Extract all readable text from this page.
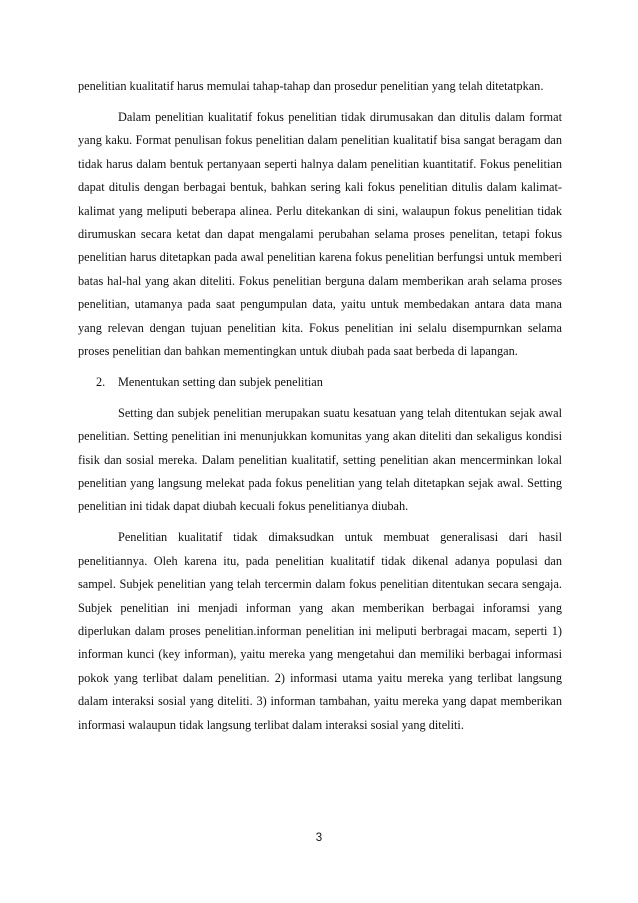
penelitian kualitatif harus memulai tahap-tahap dan prosedur penelitian yang telah ditetatpkan.

Dalam penelitian kualitatif fokus penelitian tidak dirumusakan dan ditulis dalam format yang kaku. Format penulisan fokus penelitian dalam penelitian kualitatif bisa sangat beragam dan tidak harus dalam bentuk pertanyaan seperti halnya dalam penelitian kuantitatif. Fokus penelitian dapat ditulis dengan berbagai bentuk, bahkan sering kali fokus penelitian ditulis dalam kalimat-kalimat yang meliputi beberapa alinea. Perlu ditekankan di sini, walaupun fokus penelitian tidak dirumuskan secara ketat dan dapat mengalami perubahan selama proses penelitan, tetapi fokus penelitian harus ditetapkan pada awal penelitian karena fokus penelitian berfungsi untuk memberi batas hal-hal yang akan diteliti. Fokus penelitian berguna dalam memberikan arah selama proses penelitian, utamanya pada saat pengumpulan data, yaitu untuk membedakan antara data mana yang relevan dengan tujuan penelitian kita. Fokus penelitian ini selalu disempurnkan selama proses penelitian dan bahkan mementingkan untuk diubah pada saat berbeda di lapangan.

2.	Menentukan setting dan subjek penelitian

Setting dan subjek penelitian merupakan suatu kesatuan yang telah ditentukan sejak awal penelitian. Setting penelitian ini menunjukkan komunitas yang akan diteliti dan sekaligus kondisi fisik dan sosial mereka. Dalam penelitian kualitatif, setting penelitian akan mencerminkan lokal penelitian yang langsung melekat pada fokus penelitian yang telah ditetapkan sejak awal. Setting penelitian ini tidak dapat diubah kecuali fokus penelitianya diubah.

Penelitian kualitatif tidak dimaksudkan untuk membuat generalisasi dari hasil penelitiannya. Oleh karena itu, pada penelitian kualitatif tidak dikenal adanya populasi dan sampel. Subjek penelitian yang telah tercermin dalam fokus penelitian ditentukan secara sengaja. Subjek penelitian ini menjadi informan yang akan memberikan berbagai inforamsi yang diperlukan dalam proses penelitian.informan penelitian ini meliputi berbragai macam, seperti 1) informan kunci (key informan), yaitu mereka yang mengetahui dan memiliki berbagai informasi pokok yang terlibat dalam penelitian. 2) informasi utama yaitu mereka yang terlibat langsung dalam interaksi sosial yang diteliti. 3) informan tambahan, yaitu mereka yang dapat memberikan informasi walaupun tidak langsung terlibat dalam interaksi sosial yang diteliti.

3
